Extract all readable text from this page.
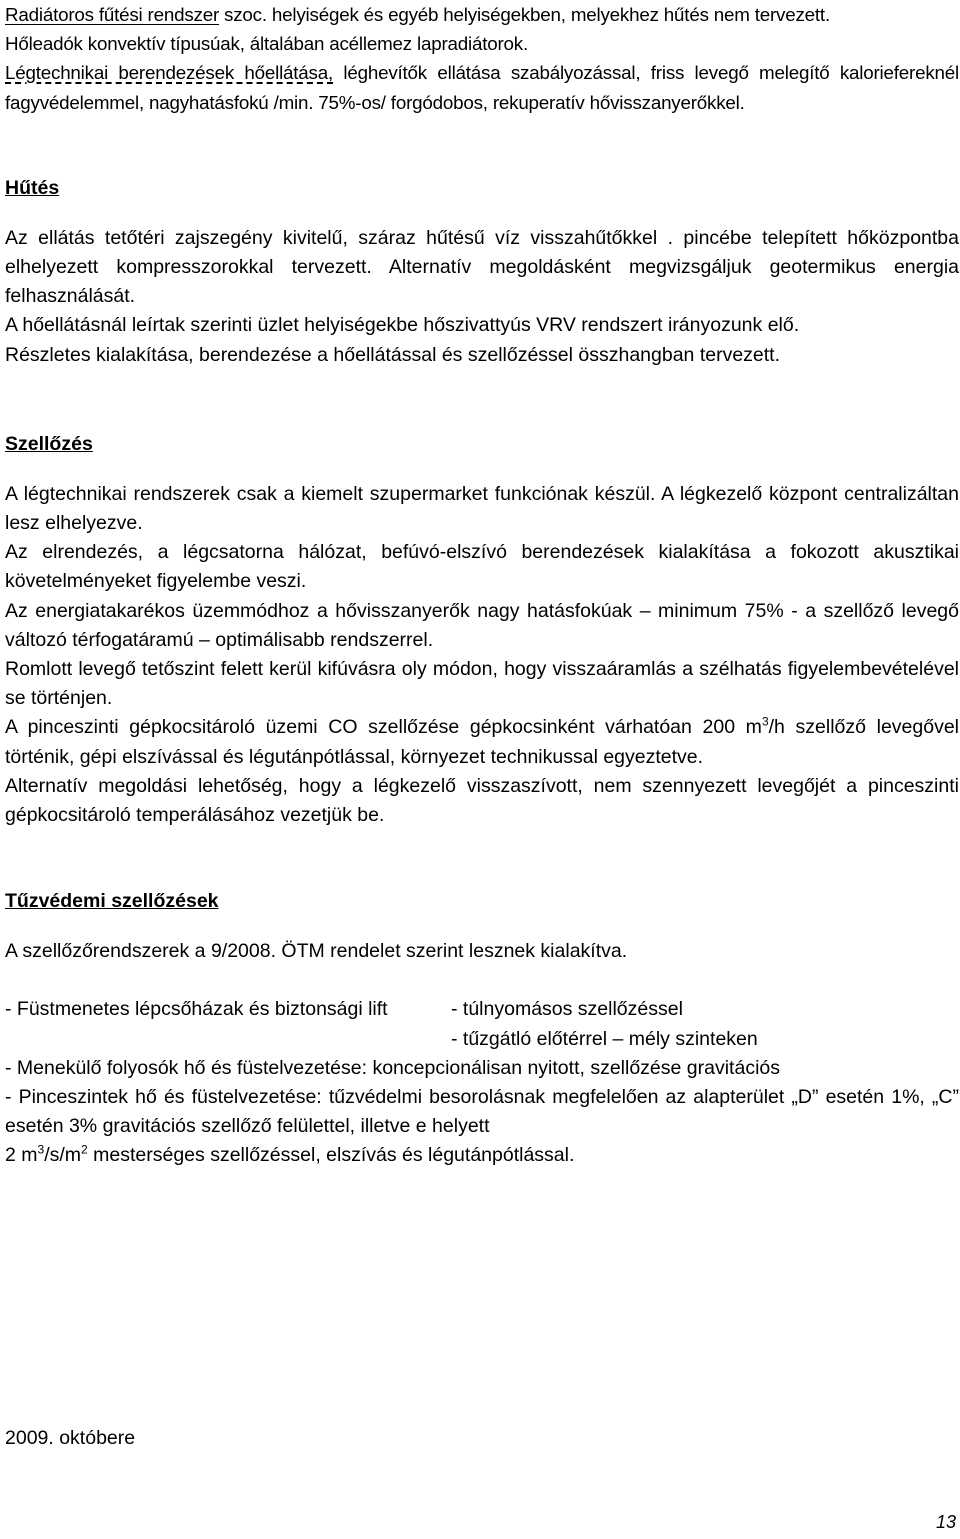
Radiátoros fűtési rendszer szoc. helyiségek és egyéb helyiségekben, melyekhez hűtés nem tervezett.
Hőleadók konvektív típusúak, általában acéllemez lapradiátorok.

Légtechnikai berendezések hőellátása, léghevítők ellátása szabályozással, friss levegő melegítő kaloriefereknél fagyvédelemmel, nagyhatásfokú /min. 75%-os/ forgódobos, rekuperatív hővisszanyerőkkel.

Hűtés

Az ellátás tetőtéri zajszegény kivitelű, száraz hűtésű víz visszahűtőkkel . pincébe telepített hőközpontba elhelyezett kompresszorokkal tervezett. Alternatív megoldásként megvizsgáljuk geotermikus energia felhasználását.

A hőellátásnál leírtak szerinti üzlet helyiségekbe hőszivattyús VRV rendszert irányozunk elő.

Részletes kialakítása, berendezése a hőellátással és szellőzéssel összhangban tervezett.

Szellőzés

A légtechnikai rendszerek csak a kiemelt szupermarket funkciónak készül. A légkezelő központ centralizáltan lesz elhelyezve.

Az elrendezés, a légcsatorna hálózat, befúvó-elszívó berendezések kialakítása a fokozott akusztikai követelményeket figyelembe veszi.

Az energiatakarékos üzemmódhoz a hővisszanyerők nagy hatásfokúak – minimum 75% - a szellőző levegő változó térfogatáramú – optimálisabb rendszerrel.

Romlott levegő tetőszint felett kerül kifúvásra oly módon, hogy visszaáramlás a szélhatás figyelembevételével se történjen.

A pinceszinti gépkocsitároló üzemi CO szellőzése gépkocsinként várhatóan 200 $m^3/h$ szellőző levegővel történik, gépi elszívással és légutánpótlással, környezet technikussal egyeztetve.

Alternatív megoldási lehetőség, hogy a légkezelő visszaszívott, nem szennyezett levegőjét a pinceszinti gépkocsitároló temperálásához vezetjük be.

Tűzvédemi szellőzések

A szellőzőrendszerek a 9/2008. ÖTM rendelet szerint lesznek kialakítva.

- Füstmenetes lépcsőházak és biztonsági lift	- túlnyomásos szellőzéssel

- tűzgátló előtérrel – mély szinteken

- Menekülő folyosók hő és füstelvezetése: koncepcionálisan nyitott, szellőzése gravitációs

- Pinceszintek hő és füstelvezetése: tűzvédelmi besorolásnak megfelelően az alapterület „D” esetén 1%, „C” esetén 3% gravitációs szellőző felülettel, illetve e helyett

2 $m^3/s/m^2$ mesterséges szellőzéssel, elszívás és légutánpótlással.

2009. októbere

13
